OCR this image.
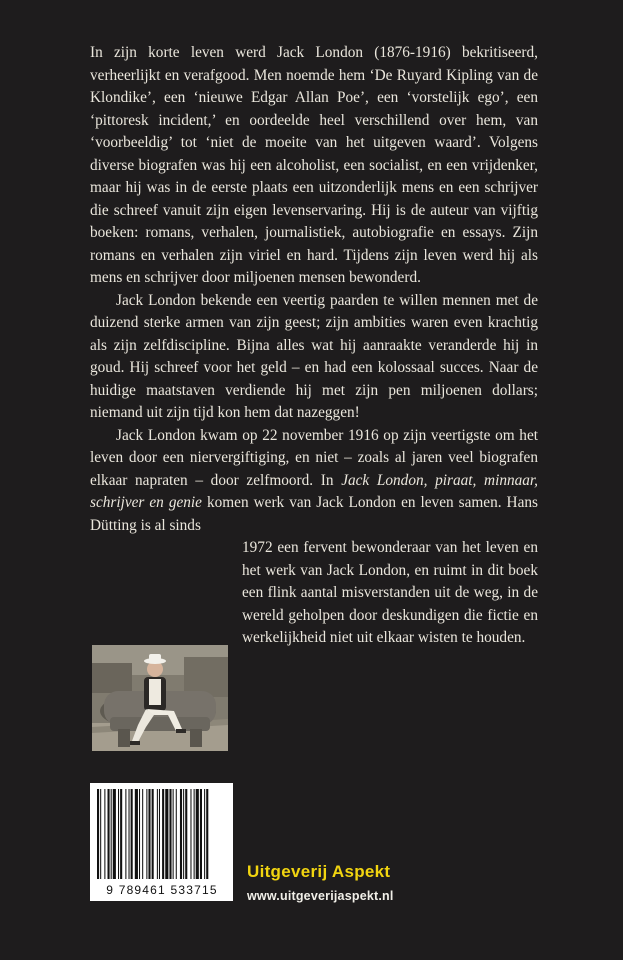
In zijn korte leven werd Jack London (1876-1916) bekritiseerd, verheerlijkt en verafgood. Men noemde hem ‘De Ruyard Kipling van de Klondike’, een ‘nieuwe Edgar Allan Poe’, een ‘vorstelijk ego’, een ‘pittoresk incident,’ en oordeelde heel verschillend over hem, van ‘voorbeeldig’ tot ‘niet de moeite van het uitgeven waard’. Volgens diverse biografen was hij een alcoholist, een socialist, en een vrijdenker, maar hij was in de eerste plaats een uitzonderlijk mens en een schrijver die schreef vanuit zijn eigen levenservaring. Hij is de auteur van vijftig boeken: romans, verhalen, journalistiek, autobiografie en essays. Zijn romans en verhalen zijn viriel en hard. Tijdens zijn leven werd hij als mens en schrijver door miljoenen mensen bewonderd.

Jack London bekende een veertig paarden te willen mennen met de duizend sterke armen van zijn geest; zijn ambities waren even krachtig als zijn zelfdiscipline. Bijna alles wat hij aanraakte veranderde hij in goud. Hij schreef voor het geld – en had een kolossaal succes. Naar de huidige maatstaven verdiende hij met zijn pen miljoenen dollars; niemand uit zijn tijd kon hem dat nazeggen!

Jack London kwam op 22 november 1916 op zijn veertigste om het leven door een niervergiftiging, en niet – zoals al jaren veel biografen elkaar napraten – door zelfmoord. In Jack London, piraat, minnaar, schrijver en genie komen werk van Jack London en leven samen. Hans Dütting is al sinds

1972 een fervent bewonderaar van het leven en het werk van Jack London, en ruimt in dit boek een flink aantal misverstanden uit de weg, in de wereld geholpen door deskundigen die fictie en werkelijkheid niet uit elkaar wisten te houden.
9 789461 533715
Uitgeverij Aspekt
www.uitgeverijaspekt.nl
